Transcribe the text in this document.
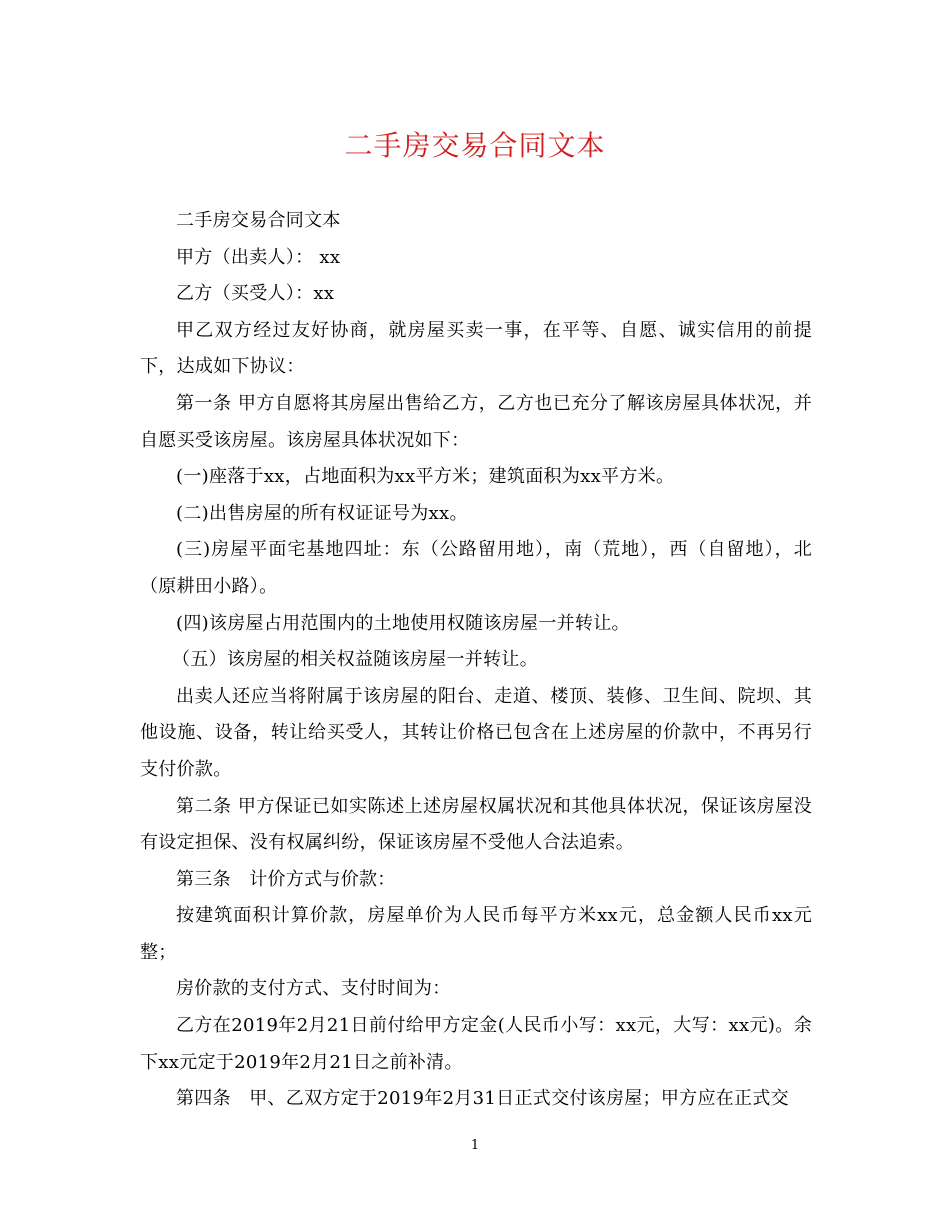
二手房交易合同文本

二手房交易合同文本

甲方（出卖人）： xx

乙方（买受人）：xx

甲乙双方经过友好协商，就房屋买卖一事，在平等、自愿、诚实信用的前提下，达成如下协议：

第一条 甲方自愿将其房屋出售给乙方，乙方也已充分了解该房屋具体状况，并自愿买受该房屋。该房屋具体状况如下：

(一)座落于xx，占地面积为xx平方米；建筑面积为xx平方米。

(二)出售房屋的所有权证证号为xx。

(三)房屋平面宅基地四址：东（公路留用地），南（荒地），西（自留地），北（原耕田小路）。

(四)该房屋占用范围内的土地使用权随该房屋一并转让。

（五）该房屋的相关权益随该房屋一并转让。

出卖人还应当将附属于该房屋的阳台、走道、楼顶、装修、卫生间、院坝、其他设施、设备，转让给买受人，其转让价格已包含在上述房屋的价款中，不再另行支付价款。

第二条 甲方保证已如实陈述上述房屋权属状况和其他具体状况，保证该房屋没有设定担保、没有权属纠纷，保证该房屋不受他人合法追索。

第三条　计价方式与价款：

按建筑面积计算价款，房屋单价为人民币每平方米xx元，总金额人民币xx元整；

房价款的支付方式、支付时间为：

乙方在2019年2月21日前付给甲方定金(人民币小写：xx元，大写：xx元)。余下xx元定于2019年2月21日之前补清。

第四条　甲、乙双方定于2019年2月31日正式交付该房屋；甲方应在正式交

1
